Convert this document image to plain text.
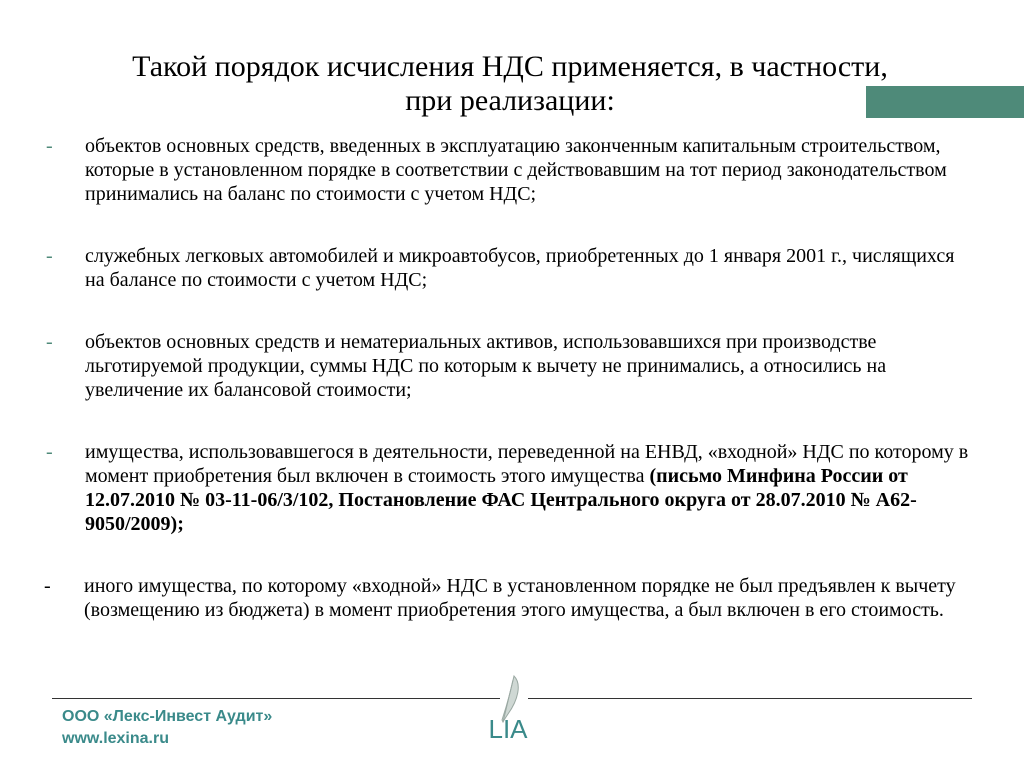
Такой порядок исчисления НДС применяется, в частности,
при реализации:

- объектов основных средств, введенных в эксплуатацию законченным капитальным строительством, которые в установленном порядке в соответствии с действовавшим на тот период законодательством принимались на баланс по стоимости с учетом НДС;

- служебных легковых автомобилей и микроавтобусов, приобретенных до 1 января 2001 г., числящихся на балансе по стоимости с учетом НДС;

- объектов основных средств и нематериальных активов, использовавшихся при производстве льготируемой продукции, суммы НДС по которым к вычету не принимались, а относились на увеличение их балансовой стоимости;

- имущества, использовавшегося в деятельности, переведенной на ЕНВД, «входной» НДС по которому в момент приобретения был включен в стоимость этого имущества (письмо Минфина России от 12.07.2010 № 03-11-06/3/102, Постановление ФАС Центрального округа от 28.07.2010 № А62-9050/2009);

- иного имущества, по которому «входной» НДС в установленном порядке не был предъявлен к вычету (возмещению из бюджета) в момент приобретения этого имущества, а был включен в его стоимость.

ООО «Лекс-Инвест Аудит»
www.lexina.ru	LIA
